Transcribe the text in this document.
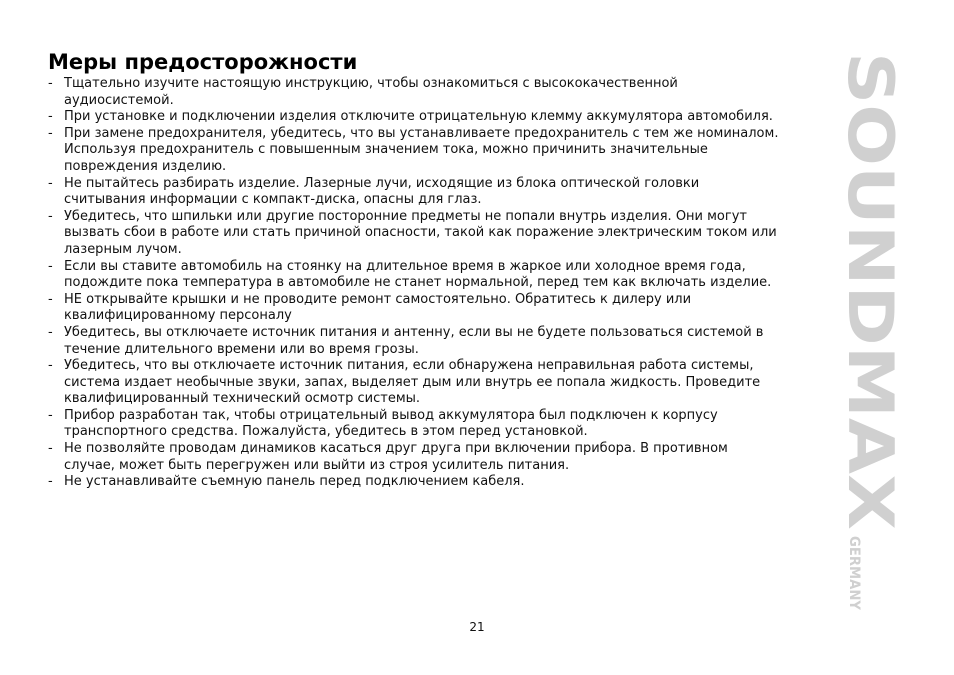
Меры предосторожности
- Тщательно изучите настоящую инструкцию, чтобы ознакомиться с высококачественной
аудиосистемой.
- При установке и подключении изделия отключите отрицательную клемму аккумулятора автомобиля.
- При замене предохранителя, убедитесь, что вы устанавливаете предохранитель с тем же номиналом.
Используя предохранитель с повышенным значением тока, можно причинить значительные
повреждения изделию.
- Не пытайтесь разбирать изделие. Лазерные лучи, исходящие из блока оптической головки
считывания информации с компакт-диска, опасны для глаз.
- Убедитесь, что шпильки или другие посторонние предметы не попали внутрь изделия. Они могут
вызвать сбои в работе или стать причиной опасности, такой как поражение электрическим током или
лазерным лучом.
- Если вы ставите автомобиль на стоянку на длительное время в жаркое или холодное время года,
подождите пока температура в автомобиле не станет нормальной, перед тем как включать изделие.
- НЕ открывайте крышки и не проводите ремонт самостоятельно. Обратитесь к дилеру или
квалифицированному персоналу
- Убедитесь, вы отключаете источник питания и антенну, если вы не будете пользоваться системой в
течение длительного времени или во время грозы.
- Убедитесь, что вы отключаете источник питания, если обнаружена неправильная работа системы,
система издает необычные звуки, запах, выделяет дым или внутрь ее попала жидкость. Проведите
квалифицированный технический осмотр системы.
- Прибор разработан так, чтобы отрицательный вывод аккумулятора был подключен к корпусу
транспортного средства. Пожалуйста, убедитесь в этом перед установкой.
- Не позволяйте проводам динамиков касаться друг друга при включении прибора. В противном
случае, может быть перегружен или выйти из строя усилитель питания.
- Не устанавливайте съемную панель перед подключением кабеля.
SOUNDMAX
GERMANY
21
